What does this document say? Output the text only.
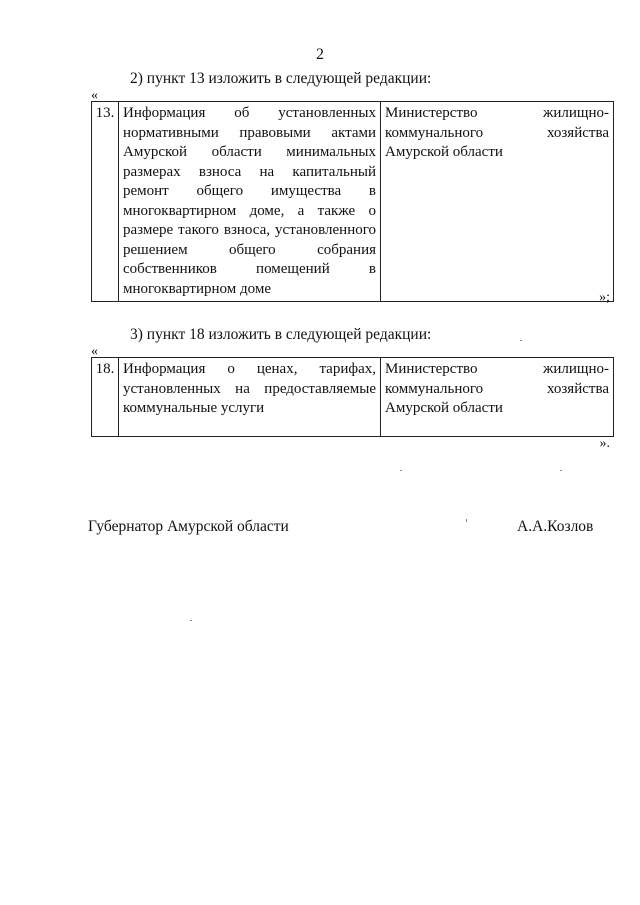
2
2) пункт 13 изложить в следующей редакции:
«
13.	Информация об установленных нормативными правовыми актами Амурской области минимальных размерах взноса на капитальный ремонт общего имущества в многоквартирном доме, а также о размере такого взноса, установленного решением общего собрания собственников помещений в многоквартирном доме	Министерство жилищно-коммунального хозяйства Амурской области
»;
3) пункт 18 изложить в следующей редакции:
«
18.	Информация о ценах, тарифах, установленных на предоставляемые коммунальные услуги	Министерство жилищно-коммунального хозяйства Амурской области
».
Губернатор Амурской области	А.А.Козлов
